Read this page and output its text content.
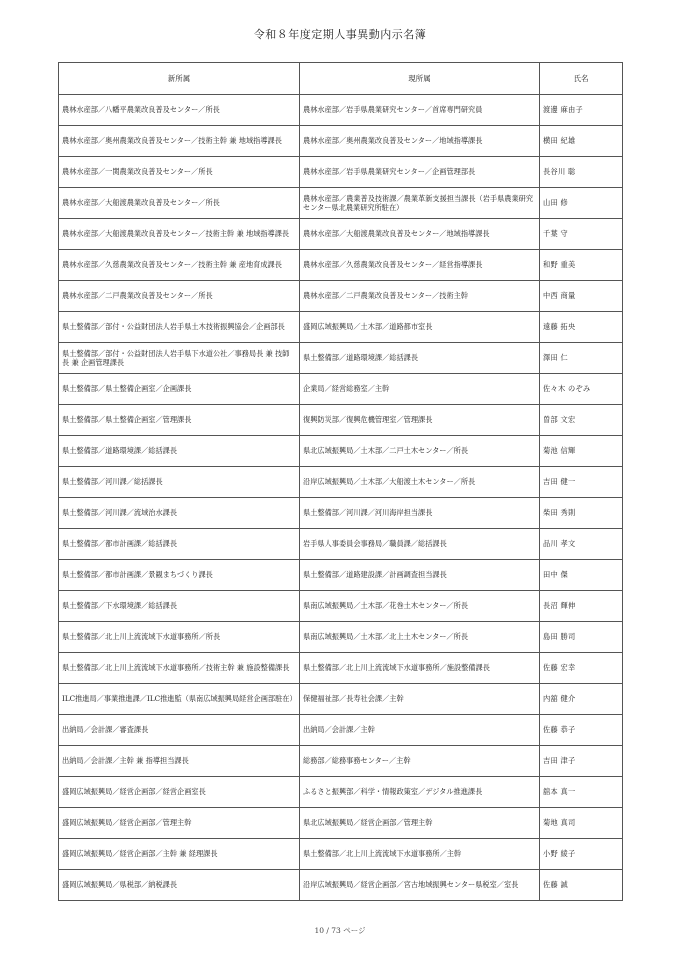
令和８年度定期人事異動内示名簿
新所属	現所属	氏名
農林水産部／八幡平農業改良普及センター／所長	農林水産部／岩手県農業研究センター／首席専門研究員	渡邊 麻由子
農林水産部／奥州農業改良普及センター／技術主幹 兼 地域指導課長	農林水産部／奥州農業改良普及センター／地域指導課長	横田 紀雄
農林水産部／一関農業改良普及センター／所長	農林水産部／岩手県農業研究センター／企画管理部長	長谷川 聡
農林水産部／大船渡農業改良普及センター／所長	農林水産部／農業普及技術課／農業革新支援担当課長（岩手県農業研究センター県北農業研究所駐在）	山田 修
農林水産部／大船渡農業改良普及センター／技術主幹 兼 地域指導課長	農林水産部／大船渡農業改良普及センター／地域指導課長	千葉 守
農林水産部／久慈農業改良普及センター／技術主幹 兼 産地育成課長	農林水産部／久慈農業改良普及センター／経営指導課長	和野 重美
農林水産部／二戸農業改良普及センター／所長	農林水産部／二戸農業改良普及センター／技術主幹	中西 商量
県土整備部／部付・公益財団法人岩手県土木技術振興協会／企画部長	盛岡広域振興局／土木部／道路都市室長	遠藤 拓央
県土整備部／部付・公益財団法人岩手県下水道公社／事務局長 兼 技師長 兼 企画管理課長	県土整備部／道路環境課／総括課長	澤田 仁
県土整備部／県土整備企画室／企画課長	企業局／経営総務室／主幹	佐々木 のぞみ
県土整備部／県土整備企画室／管理課長	復興防災部／復興危機管理室／管理課長	曽部 文宏
県土整備部／道路環境課／総括課長	県北広域振興局／土木部／二戸土木センター／所長	菊池 信輝
県土整備部／河川課／総括課長	沿岸広域振興局／土木部／大船渡土木センター／所長	吉田 健一
県土整備部／河川課／流域治水課長	県土整備部／河川課／河川海岸担当課長	柴田 秀則
県土整備部／都市計画課／総括課長	岩手県人事委員会事務局／職員課／総括課長	品川 孝文
県土整備部／都市計画課／景観まちづくり課長	県土整備部／道路建設課／計画調査担当課長	田中 傑
県土整備部／下水環境課／総括課長	県南広域振興局／土木部／花巻土木センター／所長	長沼 輝伸
県土整備部／北上川上流流域下水道事務所／所長	県南広域振興局／土木部／北上土木センター／所長	島田 勝司
県土整備部／北上川上流流域下水道事務所／技術主幹 兼 施設整備課長	県土整備部／北上川上流流域下水道事務所／施設整備課長	佐藤 宏幸
ILC推進局／事業推進課／ILC推進監（県南広域振興局経営企画部駐在）	保健福祉部／長寿社会課／主幹	内舘 健介
出納局／会計課／審査課長	出納局／会計課／主幹	佐藤 恭子
出納局／会計課／主幹 兼 指導担当課長	総務部／総務事務センター／主幹	吉田 津子
盛岡広域振興局／経営企画部／経営企画室長	ふるさと振興部／科学・情報政策室／デジタル推進課長	舘本 真一
盛岡広域振興局／経営企画部／管理主幹	県北広域振興局／経営企画部／管理主幹	菊地 真司
盛岡広域振興局／経営企画部／主幹 兼 経理課長	県土整備部／北上川上流流域下水道事務所／主幹	小野 綾子
盛岡広域振興局／県税部／納税課長	沿岸広域振興局／経営企画部／宮古地域振興センター県税室／室長	佐藤 誠
10 / 73 ページ
